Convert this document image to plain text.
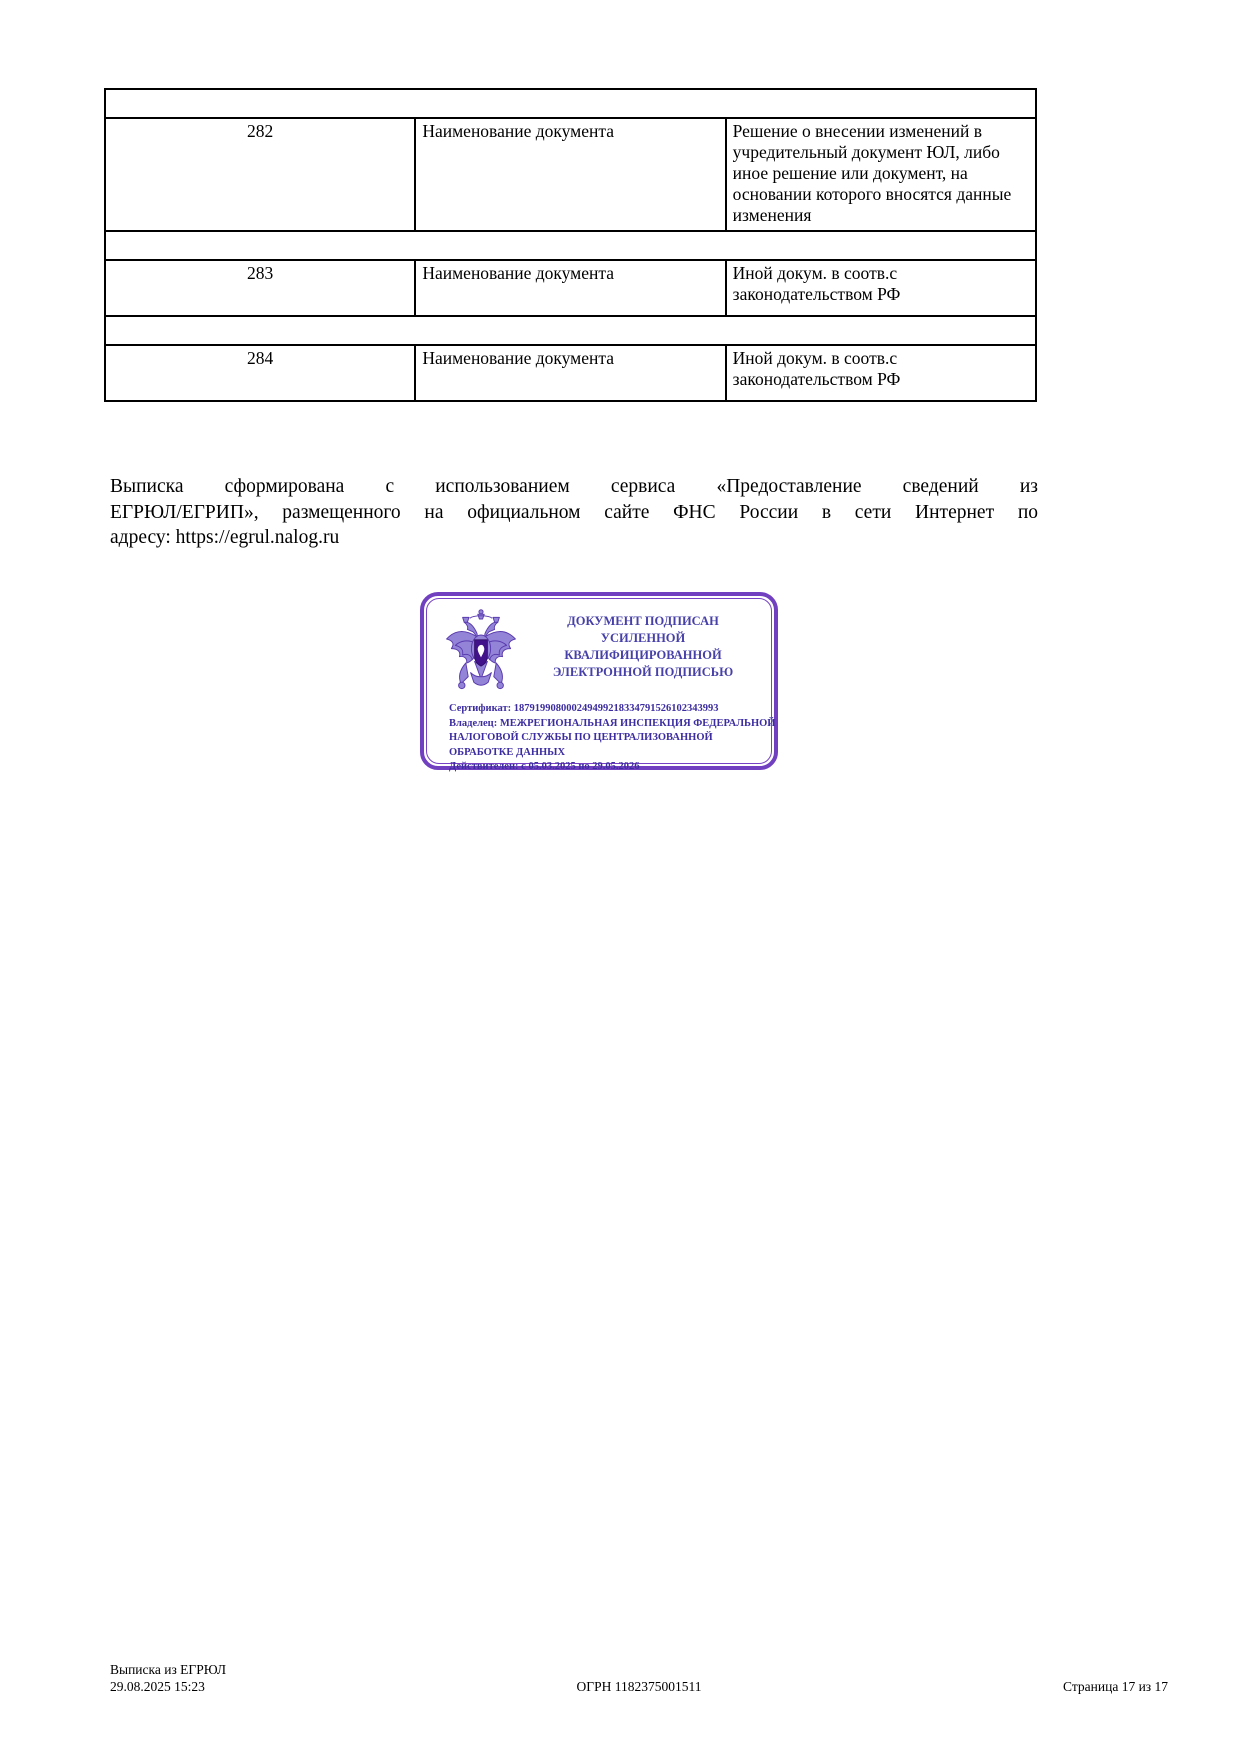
282	Наименование документа	Решение о внесении изменений в учредительный документ ЮЛ, либо иное решение или документ, на основании которого вносятся данные изменения

283	Наименование документа	Иной докум. в соотв.с законодательством РФ

284	Наименование документа	Иной докум. в соотв.с законодательством РФ
Выписка сформирована с использованием сервиса «Предоставление сведений из
ЕГРЮЛ/ЕГРИП», размещенного на официальном сайте ФНС России в сети Интернет по
адресу: https://egrul.nalog.ru
ДОКУМЕНТ ПОДПИСАН
УСИЛЕННОЙ КВАЛИФИЦИРОВАННОЙ
ЭЛЕКТРОННОЙ ПОДПИСЬЮ
Сертификат: 187919908000249499218334791526102343993
Владелец: МЕЖРЕГИОНАЛЬНАЯ ИНСПЕКЦИЯ ФЕДЕРАЛЬНОЙ НАЛОГОВОЙ СЛУЖБЫ ПО ЦЕНТРАЛИЗОВАННОЙ ОБРАБОТКЕ ДАННЫХ
Действителен: с 05.03.2025 по 29.05.2026
Выписка из ЕГРЮЛ
29.08.2025 15:23	ОГРН 1182375001511	Страница 17 из 17
